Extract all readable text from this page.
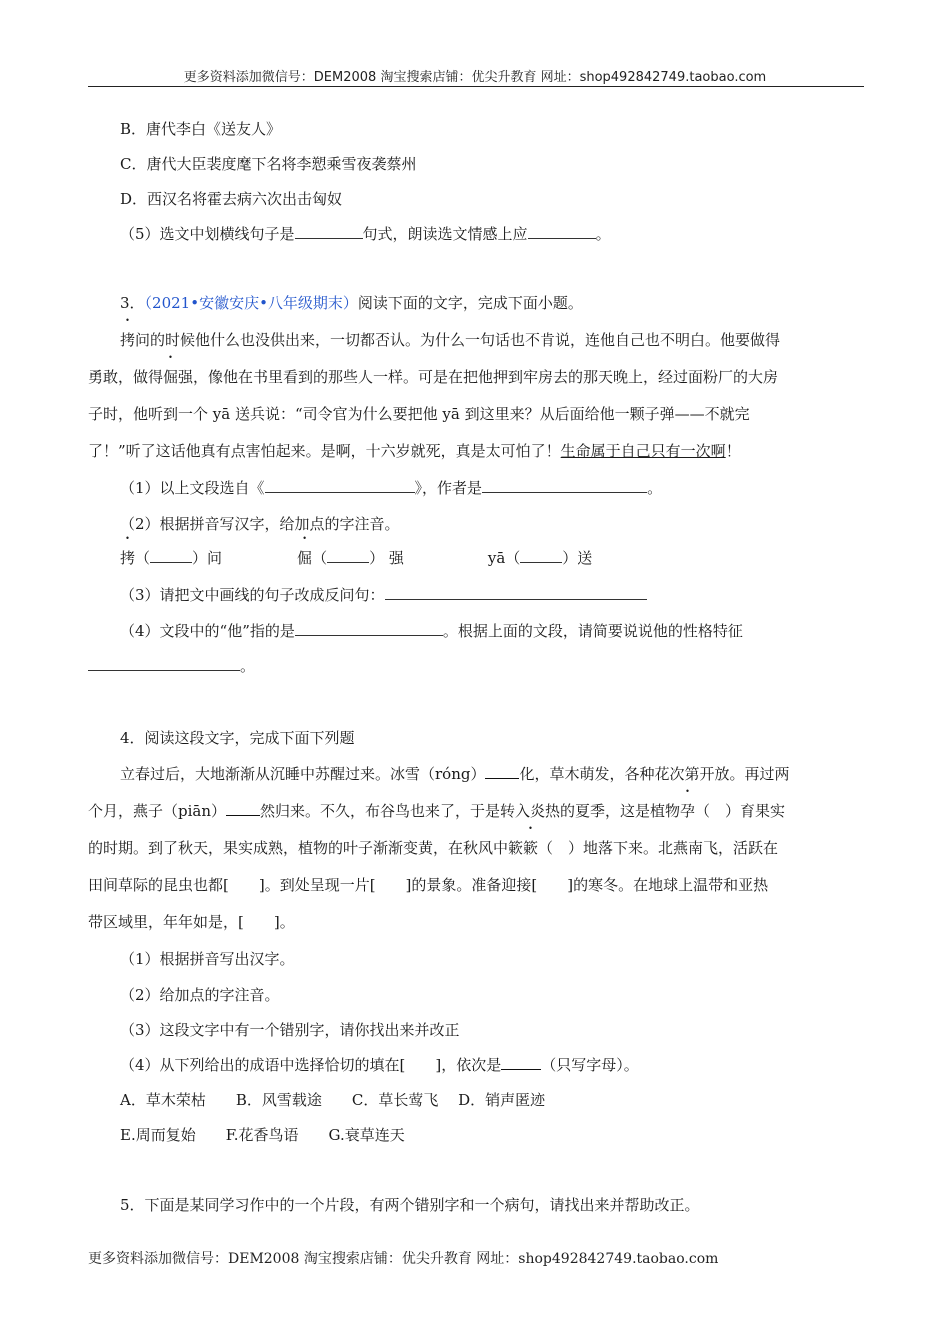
更多资料添加微信号：DEM2008 淘宝搜索店铺：优尖升教育 网址：shop492842749.taobao.com
B．唐代李白《送友人》
C．唐代大臣裴度麾下名将李愬乘雪夜袭蔡州
D．西汉名将霍去病六次出击匈奴
（5）选文中划横线句子是	句式，朗读选文情感上应	。
3．（2021•安徽安庆•八年级期末）阅读下面的文字，完成下面小题。
拷问的时候他什么也没供出来，一切都否认。为什么一句话也不肯说，连他自己也不明白。他要做得
勇敢，做得倔强，像他在书里看到的那些人一样。可是在把他押到牢房去的那天晚上，经过面粉厂的大房
子时，他听到一个 yā 送兵说：“司令官为什么要把他 yā 到这里来？从后面给他一颗子弹——不就完
了！”听了这话他真有点害怕起来。是啊，十六岁就死，真是太可怕了！生命属于自己只有一次啊！
（1）以上文段选自《	》，作者是	。
（2）根据拼音写汉字，给加点的字注音。
拷（	）问	倔（	） 强	yā（	）送
（3）请把文中画线的句子改成反问句：
（4）文段中的“他”指的是	。根据上面的文段，请简要说说他的性格特征
。
4．阅读这段文字，完成下面下列题
立春过后，大地渐渐从沉睡中苏醒过来。冰雪（róng） 化，草木萌发，各种花次第开放。再过两
个月，燕子（piān） 然归来。不久，布谷鸟也来了，于是转入炎热的夏季，这是植物孕（　）育果实
的时期。到了秋天，果实成熟，植物的叶子渐渐变黄，在秋风中簌簌（　）地落下来。北燕南飞，活跃在
田间草际的昆虫也都[　　]。到处呈现一片[　　]的景象。准备迎接[　　]的寒冬。在地球上温带和亚热
带区域里，年年如是，[　　]。
（1）根据拼音写出汉字。
（2）给加点的字注音。
（3）这段文字中有一个错别字，请你找出来并改正
（4）从下列给出的成语中选择恰切的填在[　　]，依次是	（只写字母）。
A．草木荣枯　　B．风雪载途　　C．草长莺飞　 D．销声匿迹
E.周而复始　　F.花香鸟语　　G.衰草连天
5．下面是某同学习作中的一个片段，有两个错别字和一个病句，请找出来并帮助改正。
更多资料添加微信号：DEM2008 淘宝搜索店铺：优尖升教育 网址：shop492842749.taobao.com
